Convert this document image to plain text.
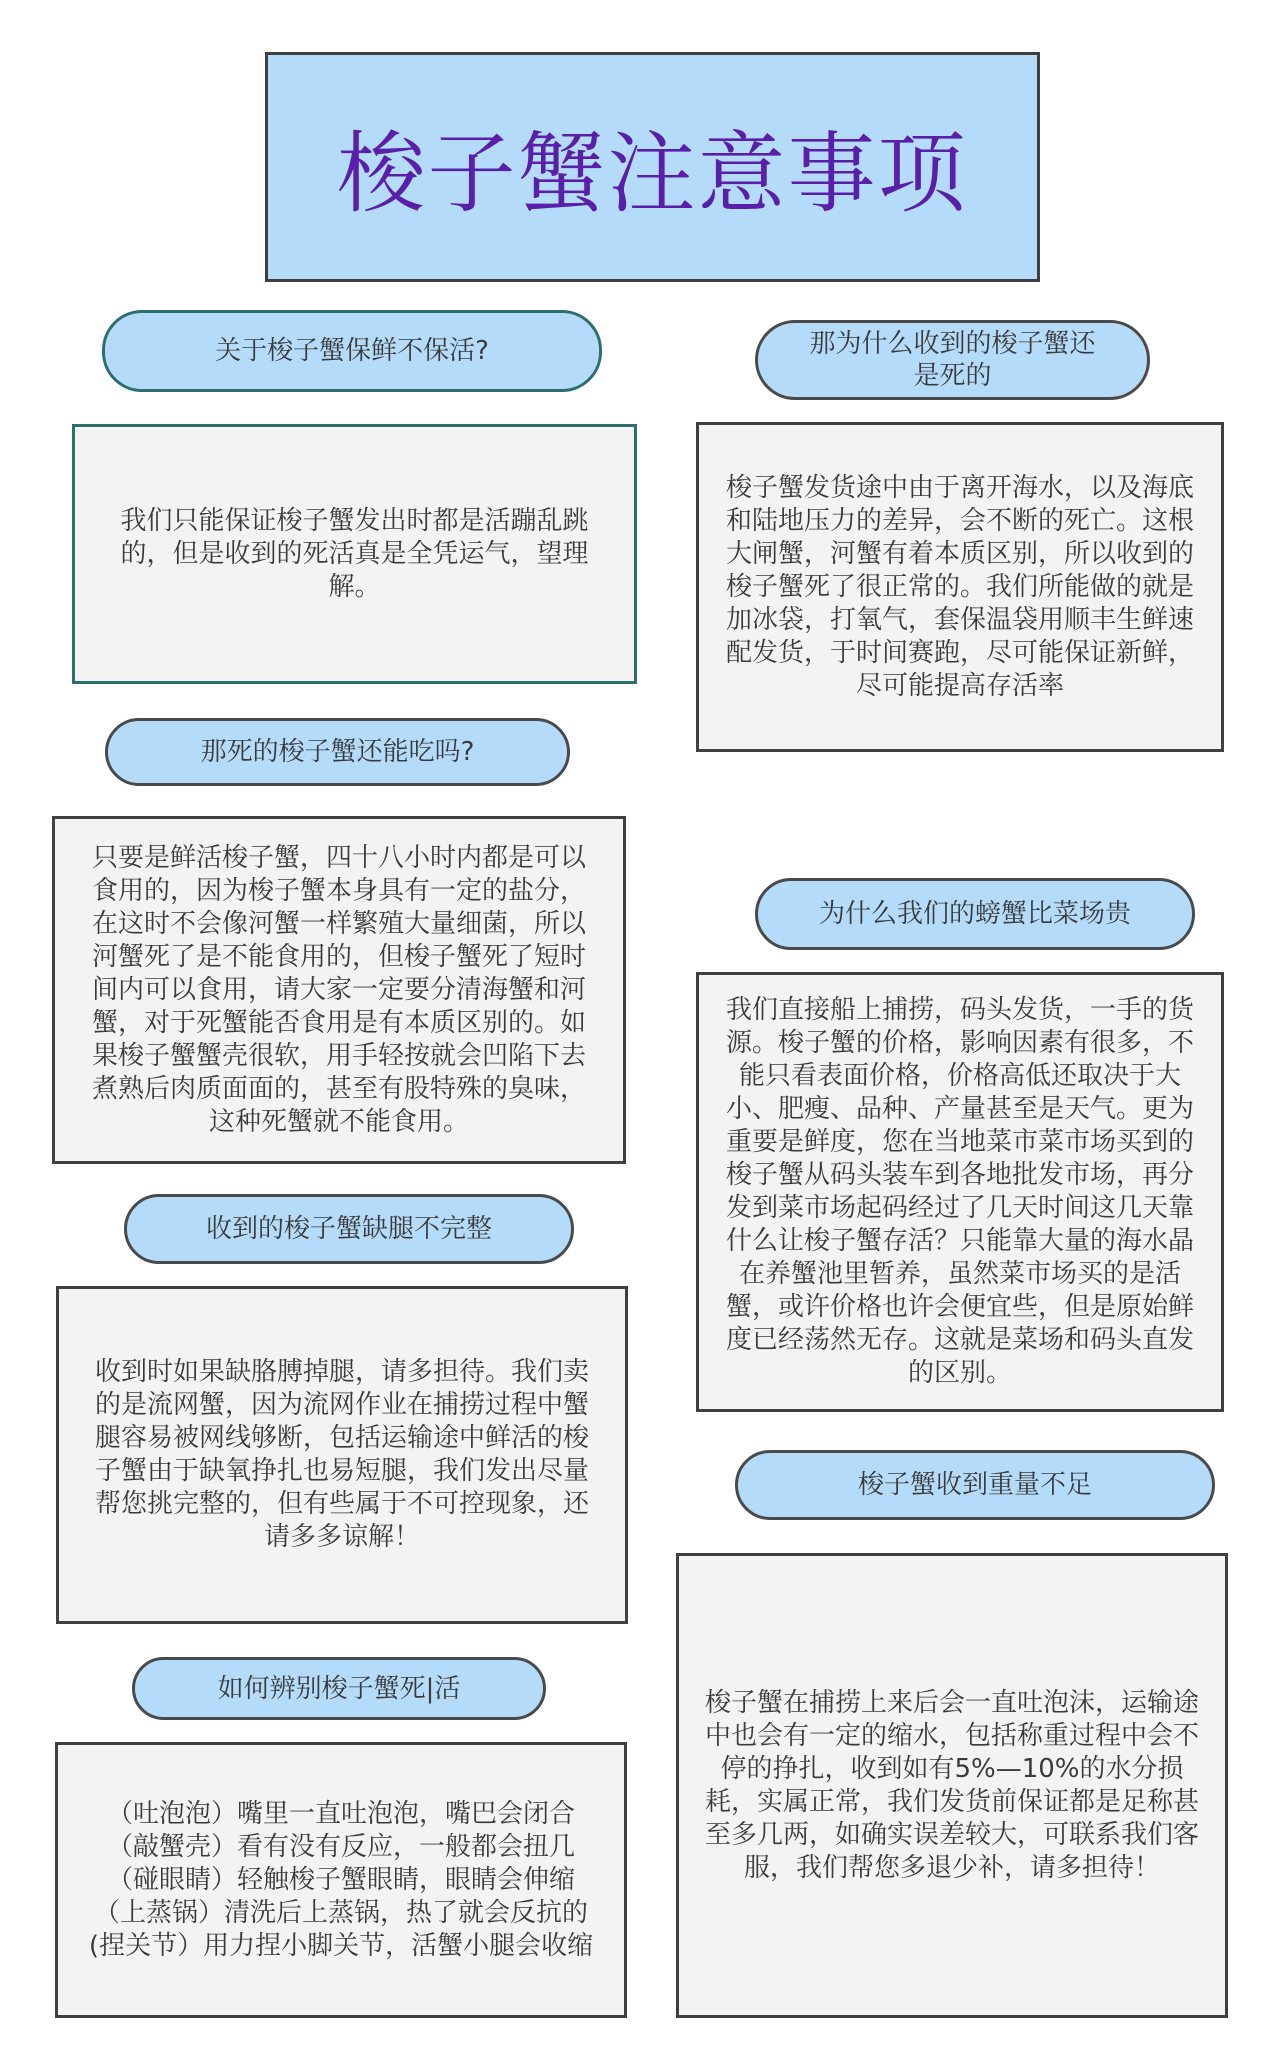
梭子蟹注意事项
关于梭子蟹保鲜不保活?
我们只能保证梭子蟹发出时都是活蹦乱跳的，但是收到的死活真是全凭运气，望理解。
那死的梭子蟹还能吃吗?
只要是鲜活梭子蟹，四十八小时内都是可以食用的，因为梭子蟹本身具有一定的盐分，在这时不会像河蟹一样繁殖大量细菌，所以河蟹死了是不能食用的，但梭子蟹死了短时间内可以食用，请大家一定要分清海蟹和河蟹，对于死蟹能否食用是有本质区别的。如果梭子蟹蟹壳很软，用手轻按就会凹陷下去煮熟后肉质面面的，甚至有股特殊的臭味，这种死蟹就不能食用。
收到的梭子蟹缺腿不完整
收到时如果缺胳膊掉腿，请多担待。我们卖的是流网蟹，因为流网作业在捕捞过程中蟹腿容易被网线够断，包括运输途中鲜活的梭子蟹由于缺氧挣扎也易短腿，我们发出尽量帮您挑完整的，但有些属于不可控现象，还请多多谅解！
如何辨别梭子蟹死|活
（吐泡泡）嘴里一直吐泡泡，嘴巴会闭合
（敲蟹壳）看有没有反应，一般都会扭几
（碰眼睛）轻触梭子蟹眼睛，眼睛会伸缩
（上蒸锅）清洗后上蒸锅，热了就会反抗的
(捏关节）用力捏小脚关节，活蟹小腿会收缩
那为什么收到的梭子蟹还是死的
梭子蟹发货途中由于离开海水，以及海底和陆地压力的差异，会不断的死亡。这根大闸蟹，河蟹有着本质区别，所以收到的梭子蟹死了很正常的。我们所能做的就是加冰袋，打氧气，套保温袋用顺丰生鲜速配发货，于时间赛跑，尽可能保证新鲜，尽可能提高存活率
为什么我们的螃蟹比菜场贵
我们直接船上捕捞，码头发货，一手的货源。梭子蟹的价格，影响因素有很多，不能只看表面价格，价格高低还取决于大小、肥瘦、品种、产量甚至是天气。更为重要是鲜度，您在当地菜市菜市场买到的梭子蟹从码头装车到各地批发市场，再分发到菜市场起码经过了几天时间这几天靠什么让梭子蟹存活？只能靠大量的海水晶在养蟹池里暂养，虽然菜市场买的是活蟹，或许价格也许会便宜些，但是原始鲜度已经荡然无存。这就是菜场和码头直发的区别。
梭子蟹收到重量不足
梭子蟹在捕捞上来后会一直吐泡沫，运输途中也会有一定的缩水，包括称重过程中会不停的挣扎，收到如有5%—10%的水分损耗，实属正常，我们发货前保证都是足称甚至多几两，如确实误差较大，可联系我们客服，我们帮您多退少补，请多担待！
